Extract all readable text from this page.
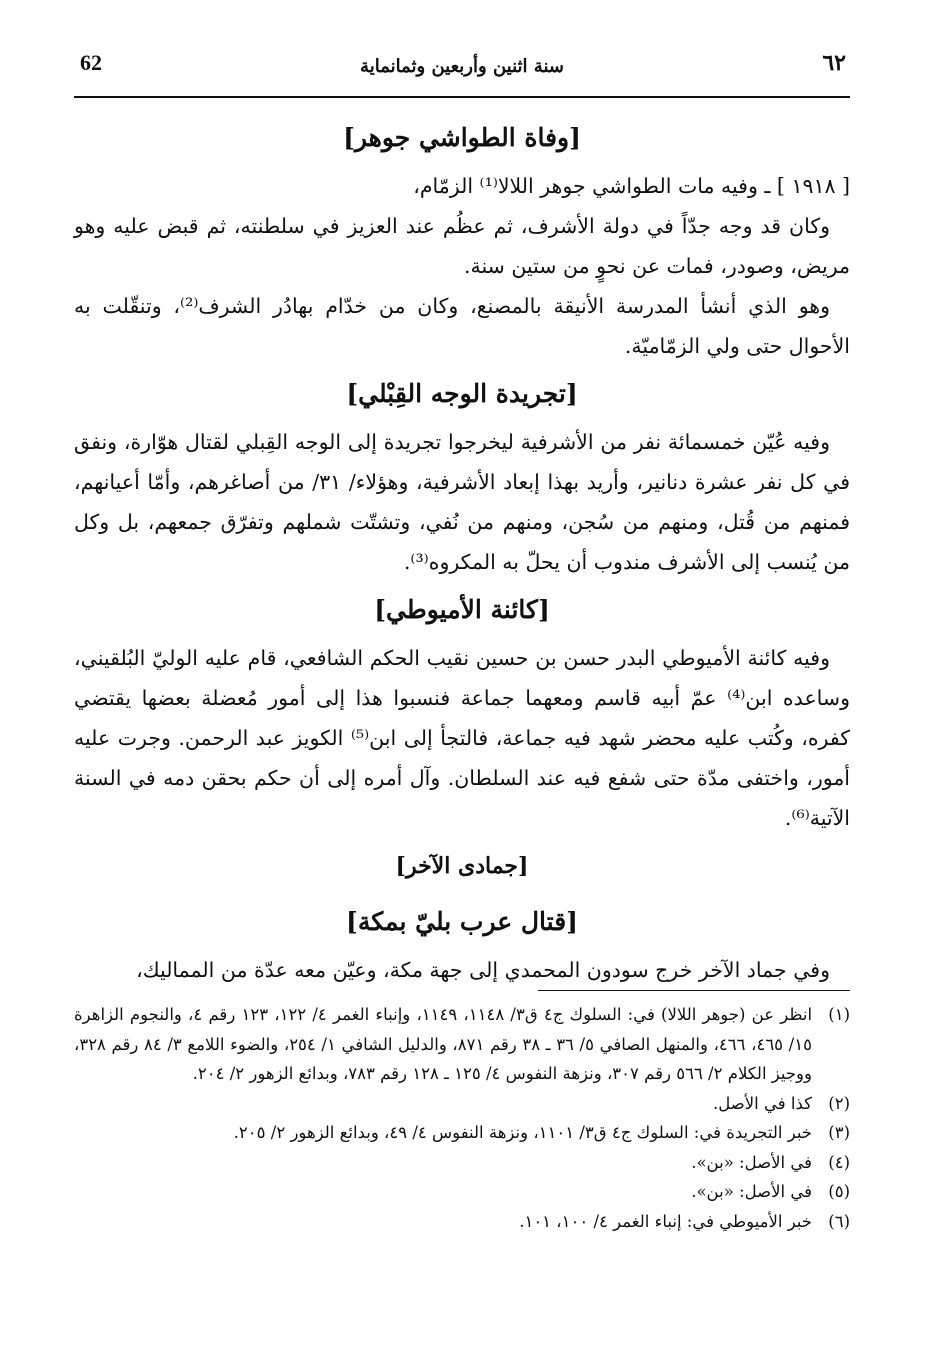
62	سنة اثنين وأربعين وثمانماية	٦٢
[وفاة الطواشي جوهر]

[ ١٩١٨ ] ـ وفيه مات الطواشي جوهر اللالا⁽¹⁾ الزمّام،

وكان قد وجه جدّاً في دولة الأشرف، ثم عظُم عند العزيز في سلطنته، ثم قبض عليه وهو مريض، وصودر، فمات عن نحوٍ من ستين سنة.

وهو الذي أنشأ المدرسة الأنيقة بالمصنع، وكان من خدّام بهادُر الشرف⁽²⁾، وتنقّلت به الأحوال حتى ولي الزمّاميّة.

[تجريدة الوجه القِبْلي]

وفيه عُيّن خمسمائة نفر من الأشرفية ليخرجوا تجريدة إلى الوجه القِبلي لقتال هوّارة، ونفق في كل نفر عشرة دنانير، وأريد بهذا إبعاد الأشرفية، وهؤلاء/ ٣١/ من أصاغرهم، وأمّا أعيانهم، فمنهم من قُتل، ومنهم من سُجن، ومنهم من نُفي، وتشتّت شملهم وتفرّق جمعهم، بل وكل من يُنسب إلى الأشرف مندوب أن يحلّ به المكروه⁽³⁾.

[كائنة الأميوطي]

وفيه كائنة الأميوطي البدر حسن بن حسين نقيب الحكم الشافعي، قام عليه الوليّ البُلقيني، وساعده ابن⁽⁴⁾ عمّ أبيه قاسم ومعهما جماعة فنسبوا هذا إلى أمور مُعضلة بعضها يقتضي كفره، وكُتب عليه محضر شهد فيه جماعة، فالتجأ إلى ابن⁽⁵⁾ الكويز عبد الرحمن. وجرت عليه أمور، واختفى مدّة حتى شفع فيه عند السلطان. وآل أمره إلى أن حكم بحقن دمه في السنة الآتية⁽⁶⁾.

[جمادى الآخر]
[قتال عرب بليّ بمكة]

وفي جماد الآخر خرج سودون المحمدي إلى جهة مكة، وعيّن معه عدّة من المماليك،

(١)
انظر عن (جوهر اللالا) في: السلوك ج٤ ق٣/ ١١٤٨، ١١٤٩، وإنباء الغمر ٤/ ١٢٢، ١٢٣ رقم ٤، والنجوم الزاهرة ١٥/ ٤٦٥، ٤٦٦، والمنهل الصافي ٥/ ٣٦ ـ ٣٨ رقم ٨٧١، والدليل الشافي ١/ ٢٥٤، والضوء اللامع ٣/ ٨٤ رقم ٣٢٨، ووجيز الكلام ٢/ ٥٦٦ رقم ٣٠٧، ونزهة النفوس ٤/ ١٢٥ ـ ١٢٨ رقم ٧٨٣، وبدائع الزهور ٢/ ٢٠٤.
(٢)
كذا في الأصل.
(٣)
خبر التجريدة في: السلوك ج٤ ق٣/ ١١٠١، ونزهة النفوس ٤/ ٤٩، وبدائع الزهور ٢/ ٢٠٥.
(٤)
في الأصل: «بن».
(٥)
في الأصل: «بن».
(٦)
خبر الأميوطي في: إنباء الغمر ٤/ ١٠٠، ١٠١.
